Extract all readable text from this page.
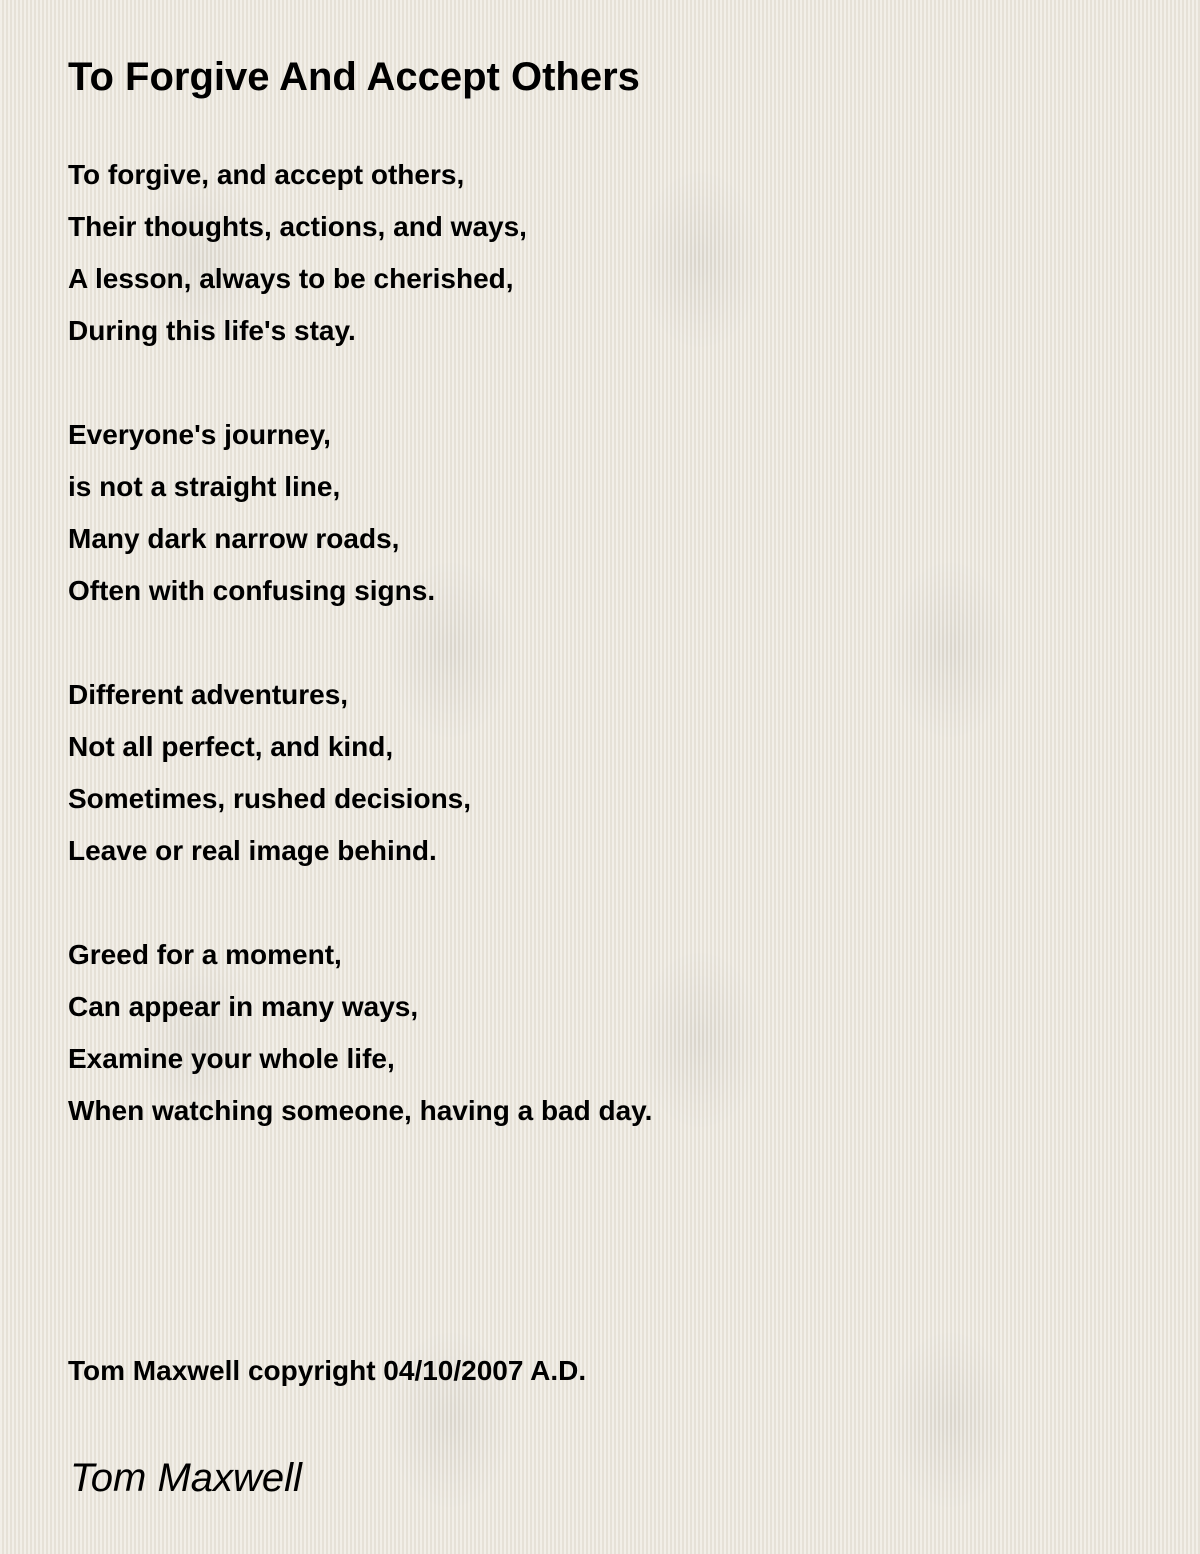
To Forgive And Accept Others
To forgive, and accept others,
Their thoughts, actions, and ways,
A lesson, always to be cherished,
During this life's stay.
Everyone's journey,
is not a straight line,
Many dark narrow roads,
Often with confusing signs.
Different adventures,
Not all perfect, and kind,
Sometimes, rushed decisions,
Leave or real image behind.
Greed for a moment,
Can appear in many ways,
Examine your whole life,
When watching someone, having a bad day.
Tom Maxwell copyright 04/10/2007 A.D.
Tom Maxwell
